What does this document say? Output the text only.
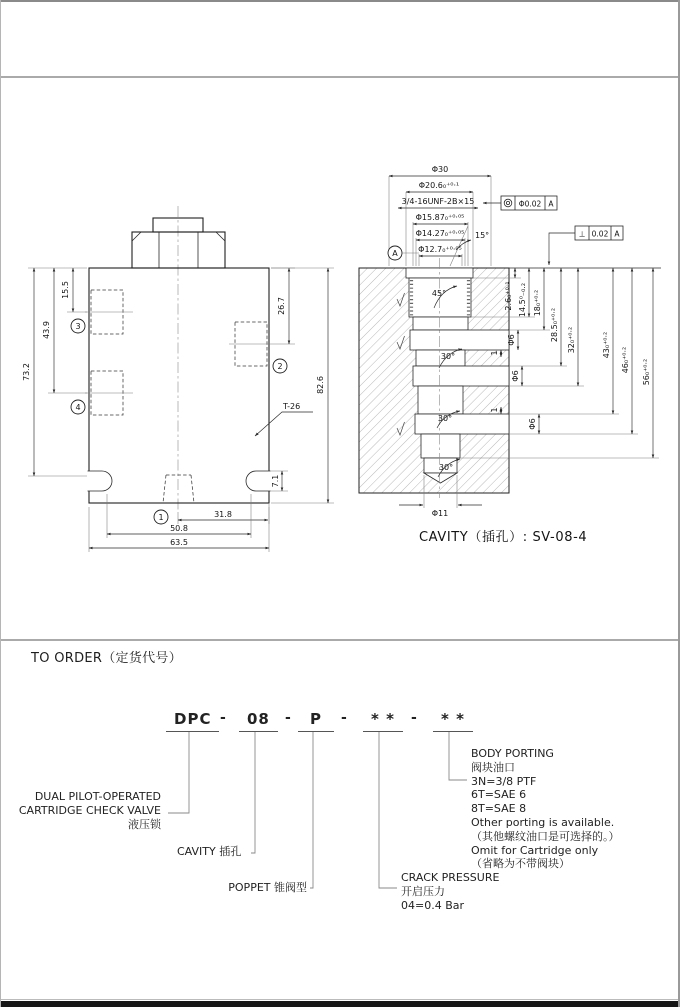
3
4
2
1
15.5
43.9
73.2
26.7
82.6
7.1
31.8
50.8
63.5
T-26
Φ30
Φ20.6₀⁺⁰·¹
3/4-16UNF-2B×15
Φ15.87₀⁺⁰·⁰⁵
Φ14.27₀⁺⁰·⁰⁵
Φ12.7₀⁺⁰·⁰⁵
Φ0.02 A
⊥ 0.02 A
A
15°
2.6₀⁺⁰·¹ 14.5⁰₋₀.₂ 18₀⁺⁰·²
28.5₀⁺⁰·² 32₀⁺⁰·²	43₀⁺⁰·²
46₀⁺⁰·² 56₀⁺⁰·²
Φ6
Φ6
Φ6
1
1
45°
30°
30°
30°
Φ11
CAVITY（插孔）: SV-08-4
TO ORDER（定货代号）
DPC -	08	-	P	-	* *	-	* *
DUAL PILOT-OPERATED
CARTRIDGE CHECK VALVE
液压锁
CAVITY 插孔
POPPET 锥阀型
CRACK PRESSURE
开启压力
04=0.4 Bar
BODY PORTING
阀块油口
3N=3/8 PTF
6T=SAE 6
8T=SAE 8
Other porting is available.
（其他螺纹油口是可选择的。）
Omit for Cartridge only
（省略为不带阀块）
